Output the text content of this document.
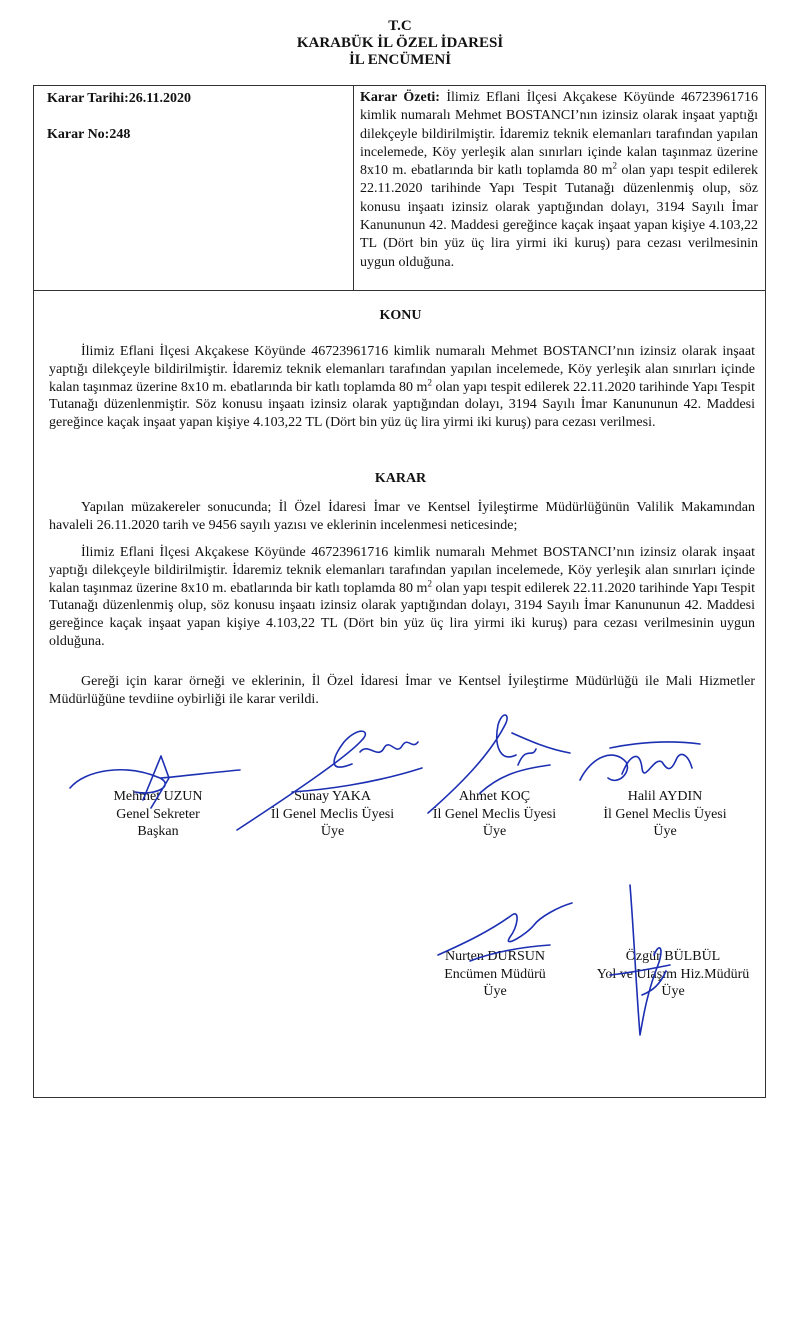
T.C
KARABÜK İL ÖZEL İDARESİ
İL ENCÜMENİ
Karar Tarihi:26.11.2020
Karar No:248
Karar Özeti: İlimiz Eflani İlçesi Akçakese Köyünde 46723961716 kimlik numaralı Mehmet BOSTANCI’nın izinsiz olarak inşaat yaptığı dilekçeyle bildirilmiştir. İdaremiz teknik elemanları tarafından yapılan incelemede, Köy yerleşik alan sınırları içinde kalan taşınmaz üzerine 8x10 m. ebatlarında bir katlı toplamda 80 $m^2$ olan yapı tespit edilerek 22.11.2020 tarihinde Yapı Tespit Tutanağı düzenlenmiş olup, söz konusu inşaatı izinsiz olarak yaptığından dolayı, 3194 Sayılı İmar Kanununun 42. Maddesi gereğince kaçak inşaat yapan kişiye 4.103,22 TL (Dört bin yüz üç lira yirmi iki kuruş) para cezası verilmesinin uygun olduğuna.
KONU
İlimiz Eflani İlçesi Akçakese Köyünde 46723961716 kimlik numaralı Mehmet BOSTANCI’nın izinsiz olarak inşaat yaptığı dilekçeyle bildirilmiştir. İdaremiz teknik elemanları tarafından yapılan incelemede, Köy yerleşik alan sınırları içinde kalan taşınmaz üzerine 8x10 m. ebatlarında bir katlı toplamda 80 $m^2$ olan yapı tespit edilerek 22.11.2020 tarihinde Yapı Tespit Tutanağı düzenlenmiştir. Söz konusu inşaatı izinsiz olarak yaptığından dolayı, 3194 Sayılı İmar Kanununun 42. Maddesi gereğince kaçak inşaat yapan kişiye 4.103,22 TL (Dört bin yüz üç lira yirmi iki kuruş) para cezası verilmesi.
KARAR
Yapılan müzakereler sonucunda; İl Özel İdaresi İmar ve Kentsel İyileştirme Müdürlüğünün Valilik Makamından havaleli 26.11.2020 tarih ve 9456 sayılı yazısı ve eklerinin incelenmesi neticesinde;
İlimiz Eflani İlçesi Akçakese Köyünde 46723961716 kimlik numaralı Mehmet BOSTANCI’nın izinsiz olarak inşaat yaptığı dilekçeyle bildirilmiştir. İdaremiz teknik elemanları tarafından yapılan incelemede, Köy yerleşik alan sınırları içinde kalan taşınmaz üzerine 8x10 m. ebatlarında bir katlı toplamda 80 $m^2$ olan yapı tespit edilerek 22.11.2020 tarihinde Yapı Tespit Tutanağı düzenlenmiş olup, söz konusu inşaatı izinsiz olarak yaptığından dolayı, 3194 Sayılı İmar Kanununun 42. Maddesi gereğince kaçak inşaat yapan kişiye 4.103,22 TL (Dört bin yüz üç lira yirmi iki kuruş) para cezası verilmesinin uygun olduğuna.
Gereği için karar örneği ve eklerinin, İl Özel İdaresi İmar ve Kentsel İyileştirme Müdürlüğü ile Mali Hizmetler Müdürlüğüne tevdiine oybirliği ile karar verildi.
Mehmet UZUN
Genel Sekreter
Başkan
Sunay YAKA
İl Genel Meclis Üyesi
Üye
Ahmet KOÇ
İl Genel Meclis Üyesi
Üye
Halil AYDIN
İl Genel Meclis Üyesi
Üye
Nurten DURSUN
Encümen Müdürü
Üye
Özgür BÜLBÜL
Yol ve Ulaşım Hiz.Müdürü
Üye
